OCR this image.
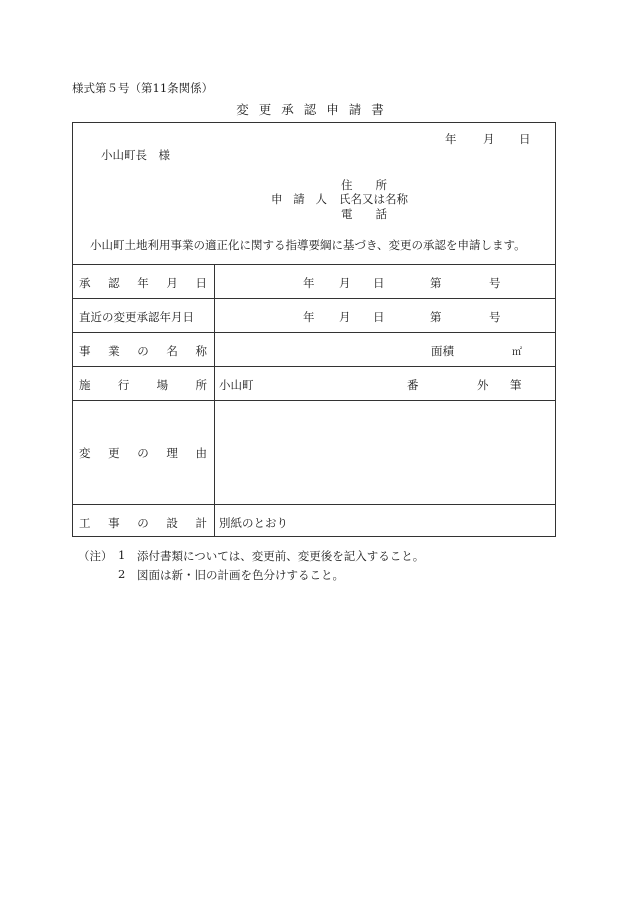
様式第５号（第11条関係）
変更承認申請書
年 月 日
小山町長　様
住　　所
申 請 人 氏名又は名称
電　　話
小山町土地利用事業の適正化に関する指導要綱に基づき、変更の承認を申請します。
承 認 年 月 日	年 月 日	第	号
直近の変更承認年月日	年 月 日	第	号
事 業 の 名 称	面積	㎡
施 行 場 所 小山町	番	外 筆
変 更 の 理 由
工 事 の 設 計 別紙のとおり
（注） 1 添付書類については、変更前、変更後を記入すること。
2 図面は新・旧の計画を色分けすること。
